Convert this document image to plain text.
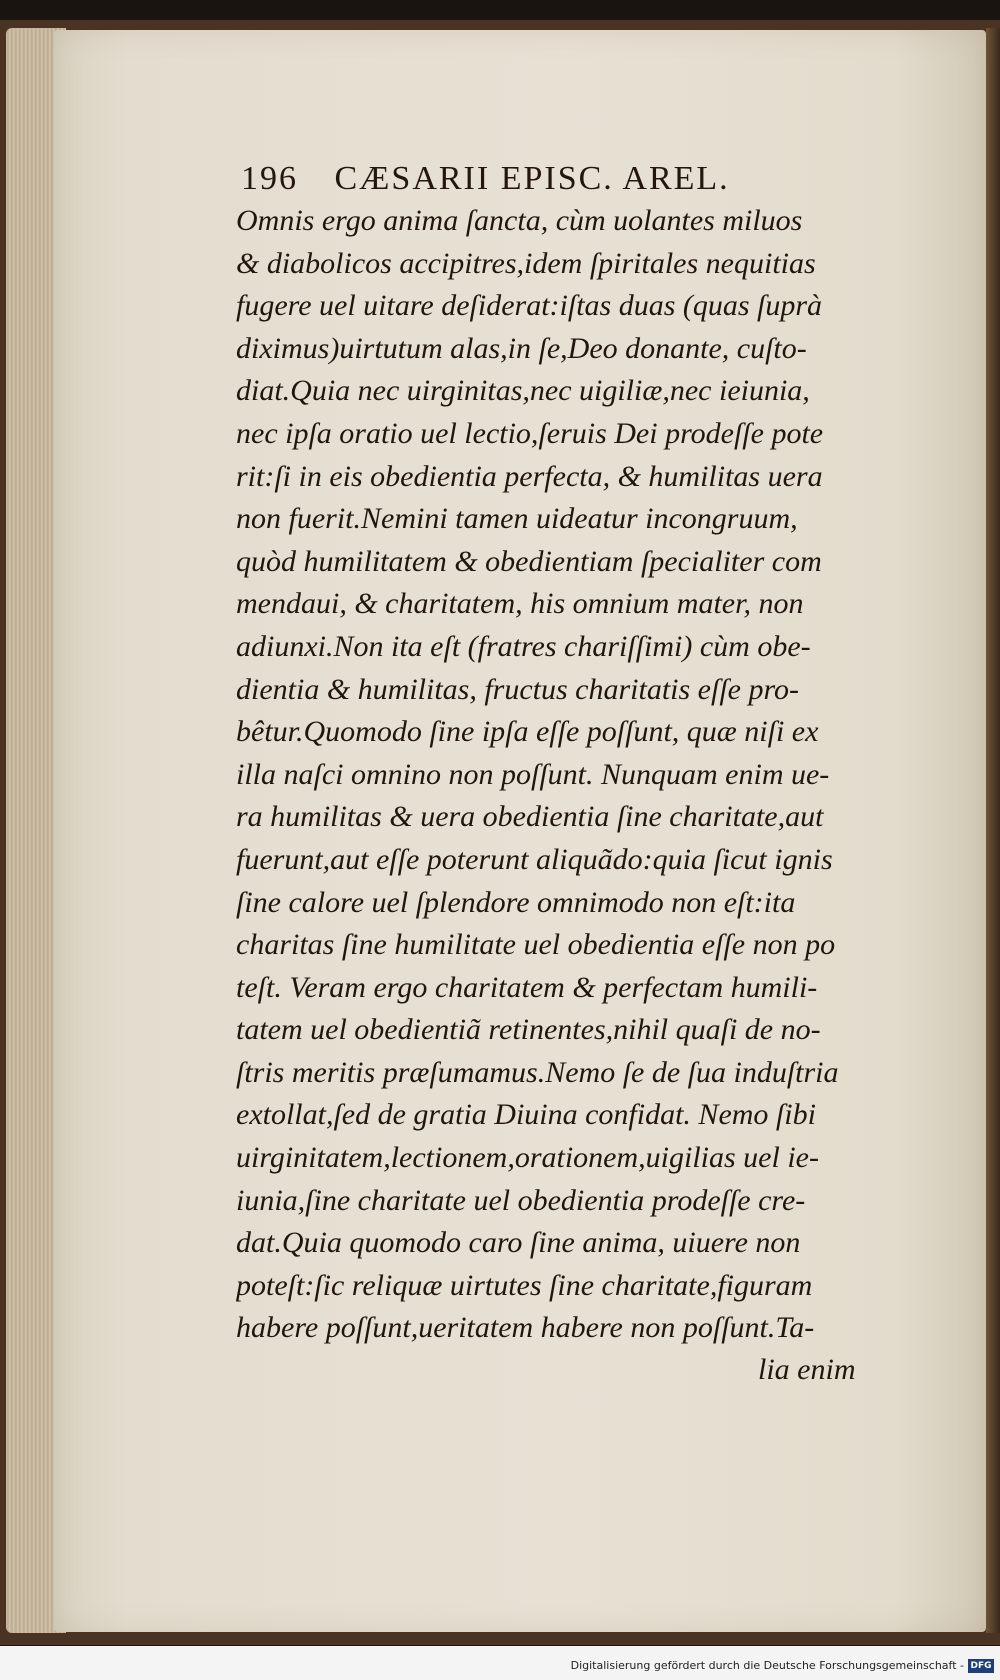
196 CÆSARII EPISC. AREL.
Omnis ergo anima ſancta, cùm uolantes miluos
& diabolicos accipitres,idem ſpiritales nequitias
fugere uel uitare deſiderat:iſtas duas (quas ſuprà
diximus)uirtutum alas,in ſe,Deo donante, cuſto-
diat.Quia nec uirginitas,nec uigiliæ,nec ieiunia,
nec ipſa oratio uel lectio,ſeruis Dei prodeſſe pote
rit:ſi in eis obedientia perfecta, & humilitas uera
non fuerit.Nemini tamen uideatur incongruum,
quòd humilitatem & obedientiam ſpecialiter com
mendaui, & charitatem, his omnium mater, non
adiunxi.Non ita eſt (fratres chariſſimi) cùm obe-
dientia & humilitas, fructus charitatis eſſe pro-
bêtur.Quomodo ſine ipſa eſſe poſſunt, quæ niſi ex
illa naſci omnino non poſſunt. Nunquam enim ue-
ra humilitas & uera obedientia ſine charitate,aut
fuerunt,aut eſſe poterunt aliquãdo:quia ſicut ignis
ſine calore uel ſplendore omnimodo non eſt:ita
charitas ſine humilitate uel obedientia eſſe non po
teſt. Veram ergo charitatem & perfectam humili-
tatem uel obedientiã retinentes,nihil quaſi de no-
ſtris meritis præſumamus.Nemo ſe de ſua induſtria
extollat,ſed de gratia Diuina confidat. Nemo ſibi
uirginitatem,lectionem,orationem,uigilias uel ie-
iunia,ſine charitate uel obedientia prodeſſe cre-
dat.Quia quomodo caro ſine anima, uiuere non
poteſt:ſic reliquæ uirtutes ſine charitate,figuram
habere poſſunt,ueritatem habere non poſſunt.Ta-
lia enim
Digitalisierung gefördert durch die Deutsche Forschungsgemeinschaft - DFG
